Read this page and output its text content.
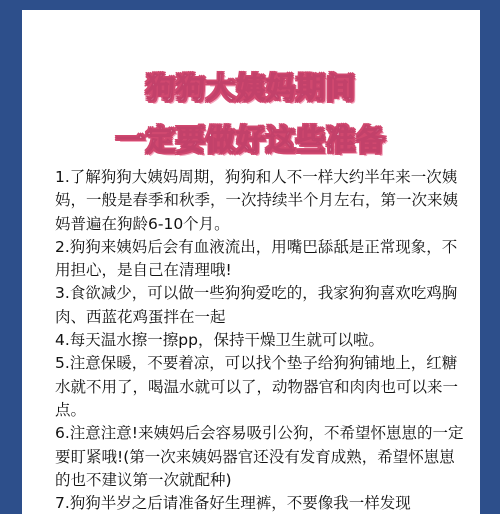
狗狗大姨妈期间
一定要做好这些准备

1.了解狗狗大姨妈周期，狗狗和人不一样大约半年来一次姨妈，一般是春季和秋季，一次持续半个月左右，第一次来姨妈普遍在狗龄6-10个月。

2.狗狗来姨妈后会有血液流出，用嘴巴舔舐是正常现象，不用担心，是自己在清理哦!

3.食欲减少，可以做一些狗狗爱吃的，我家狗狗喜欢吃鸡胸肉、西蓝花鸡蛋拌在一起

4.每天温水擦一擦pp，保持干燥卫生就可以啦。

5.注意保暖，不要着凉，可以找个垫子给狗狗铺地上，红糖水就不用了，喝温水就可以了，动物器官和肉肉也可以来一点。

6.注意注意!来姨妈后会容易吸引公狗，不希望怀崽崽的一定要盯紧哦!(第一次来姨妈器官还没有发育成熟，希望怀崽崽的也不建议第一次就配种)

7.狗狗半岁之后请准备好生理裤，不要像我一样发现
